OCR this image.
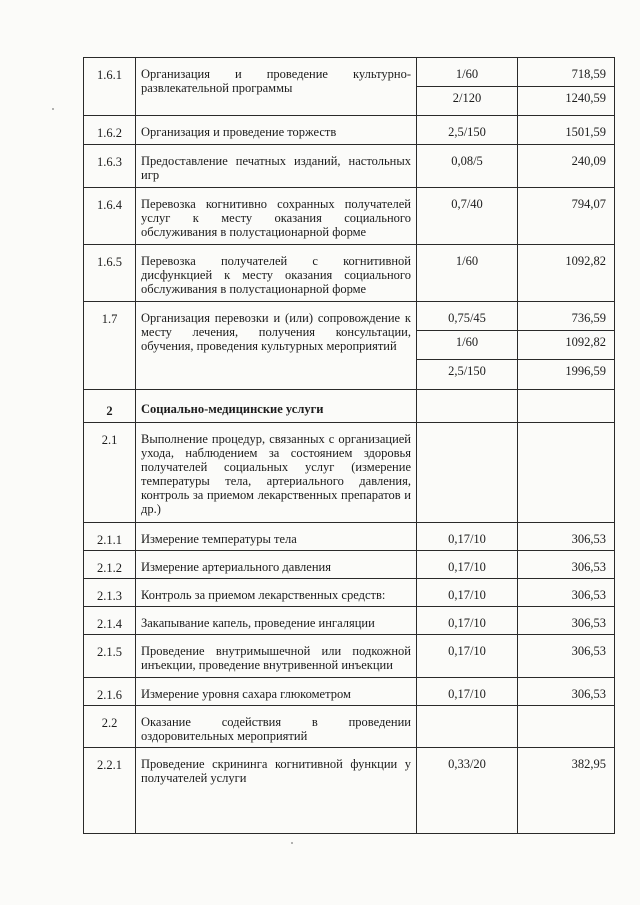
1.6.1	Организация и проведение культурно-развлекательной программы	1/60	718,59
		2/120	1240,59
1.6.2	Организация и проведение торжеств	2,5/150	1501,59
1.6.3	Предоставление печатных изданий, настольных игр	0,08/5	240,09
1.6.4	Перевозка когнитивно сохранных получателей услуг к месту оказания социального обслуживания в полустационарной форме	0,7/40	794,07
1.6.5	Перевозка получателей с когнитивной дисфункцией к месту оказания социального обслуживания в полустационарной форме	1/60	1092,82
1.7	Организация перевозки и (или) сопровождение к месту лечения, получения консультации, обучения, проведения культурных мероприятий	0,75/45	736,59
		1/60	1092,82
		2,5/150	1996,59
2	Социально-медицинские услуги		
2.1	Выполнение процедур, связанных с организацией ухода, наблюдением за состоянием здоровья получателей социальных услуг (измерение температуры тела, артериального давления, контроль за приемом лекарственных препаратов и др.)		
2.1.1	Измерение температуры тела	0,17/10	306,53
2.1.2	Измерение артериального давления	0,17/10	306,53
2.1.3	Контроль за приемом лекарственных средств:	0,17/10	306,53
2.1.4	Закапывание капель, проведение ингаляции	0,17/10	306,53
2.1.5	Проведение внутримышечной или подкожной инъекции, проведение внутривенной инъекции	0,17/10	306,53
2.1.6	Измерение уровня сахара глюкометром	0,17/10	306,53
2.2	Оказание содействия в проведении оздоровительных мероприятий		
2.2.1	Проведение скрининга когнитивной функции у получателей услуги	0,33/20	382,95
